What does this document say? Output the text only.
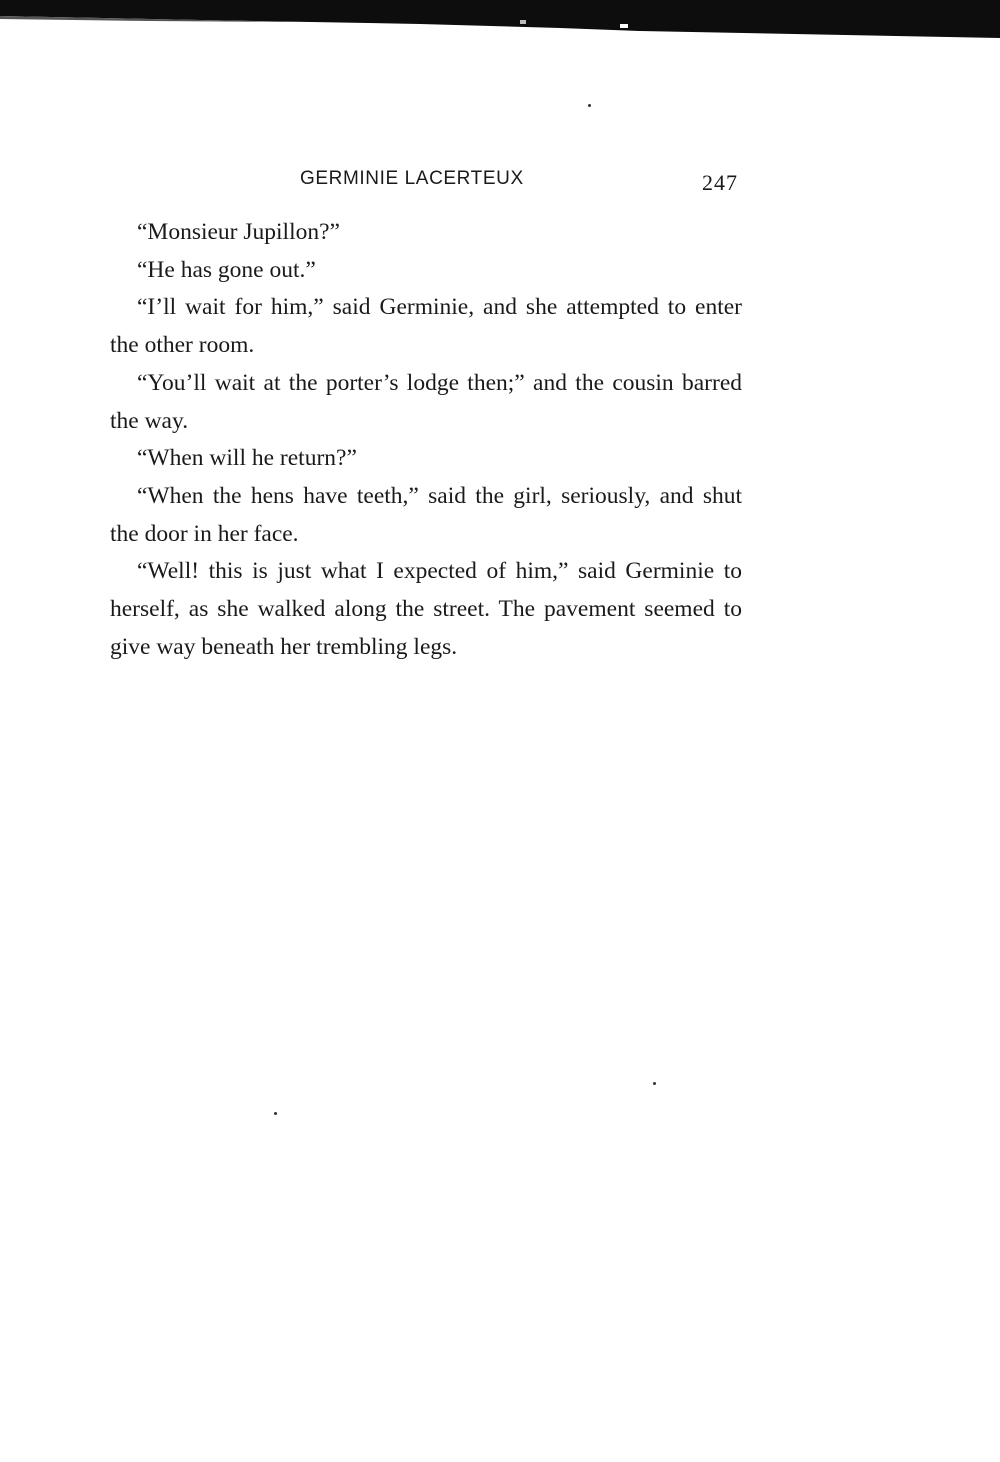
GERMINIE LACERTEUX	247

“Monsieur Jupillon?”

“He has gone out.”

“I’ll wait for him,” said Germinie, and she attempted to enter the other room.

“You’ll wait at the porter’s lodge then;” and the cousin barred the way.

“When will he return?”

“When the hens have teeth,” said the girl, seriously, and shut the door in her face.

“Well! this is just what I expected of him,” said Germinie to herself, as she walked along the street. The pavement seemed to give way beneath her trembling legs.
